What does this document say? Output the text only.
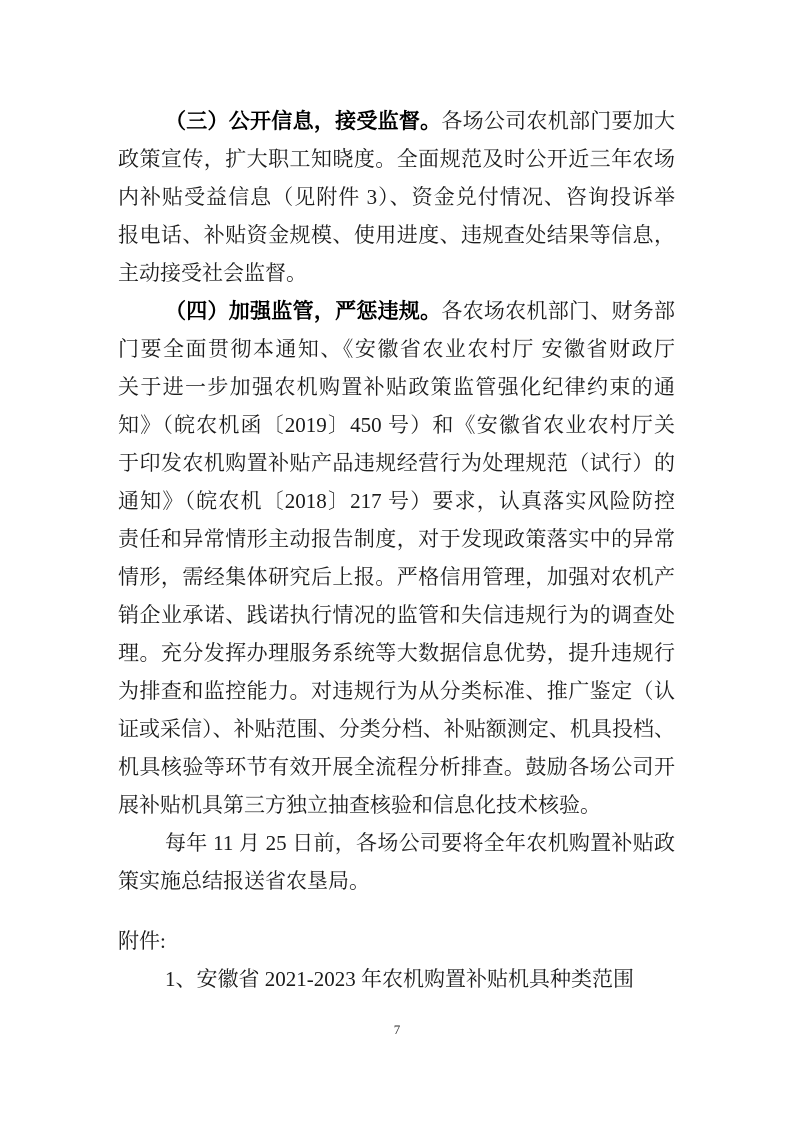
（三）公开信息，接受监督。各场公司农机部门要加大
政策宣传，扩大职工知晓度。全面规范及时公开近三年农场
内补贴受益信息（见附件 3）、资金兑付情况、咨询投诉举
报电话、补贴资金规模、使用进度、违规查处结果等信息，
主动接受社会监督。
（四）加强监管，严惩违规。各农场农机部门、财务部
门要全面贯彻本通知、《安徽省农业农村厅 安徽省财政厅
关于进一步加强农机购置补贴政策监管强化纪律约束的通
知》（皖农机函〔2019〕450 号）和《安徽省农业农村厅关
于印发农机购置补贴产品违规经营行为处理规范（试行）的
通知》（皖农机〔2018〕217 号）要求，认真落实风险防控
责任和异常情形主动报告制度，对于发现政策落实中的异常
情形，需经集体研究后上报。严格信用管理，加强对农机产
销企业承诺、践诺执行情况的监管和失信违规行为的调查处
理。充分发挥办理服务系统等大数据信息优势，提升违规行
为排查和监控能力。对违规行为从分类标准、推广鉴定（认
证或采信）、补贴范围、分类分档、补贴额测定、机具投档、
机具核验等环节有效开展全流程分析排查。鼓励各场公司开
展补贴机具第三方独立抽查核验和信息化技术核验。
每年 11 月 25 日前，各场公司要将全年农机购置补贴政
策实施总结报送省农垦局。
附件:
1、安徽省 2021-2023 年农机购置补贴机具种类范围
7
